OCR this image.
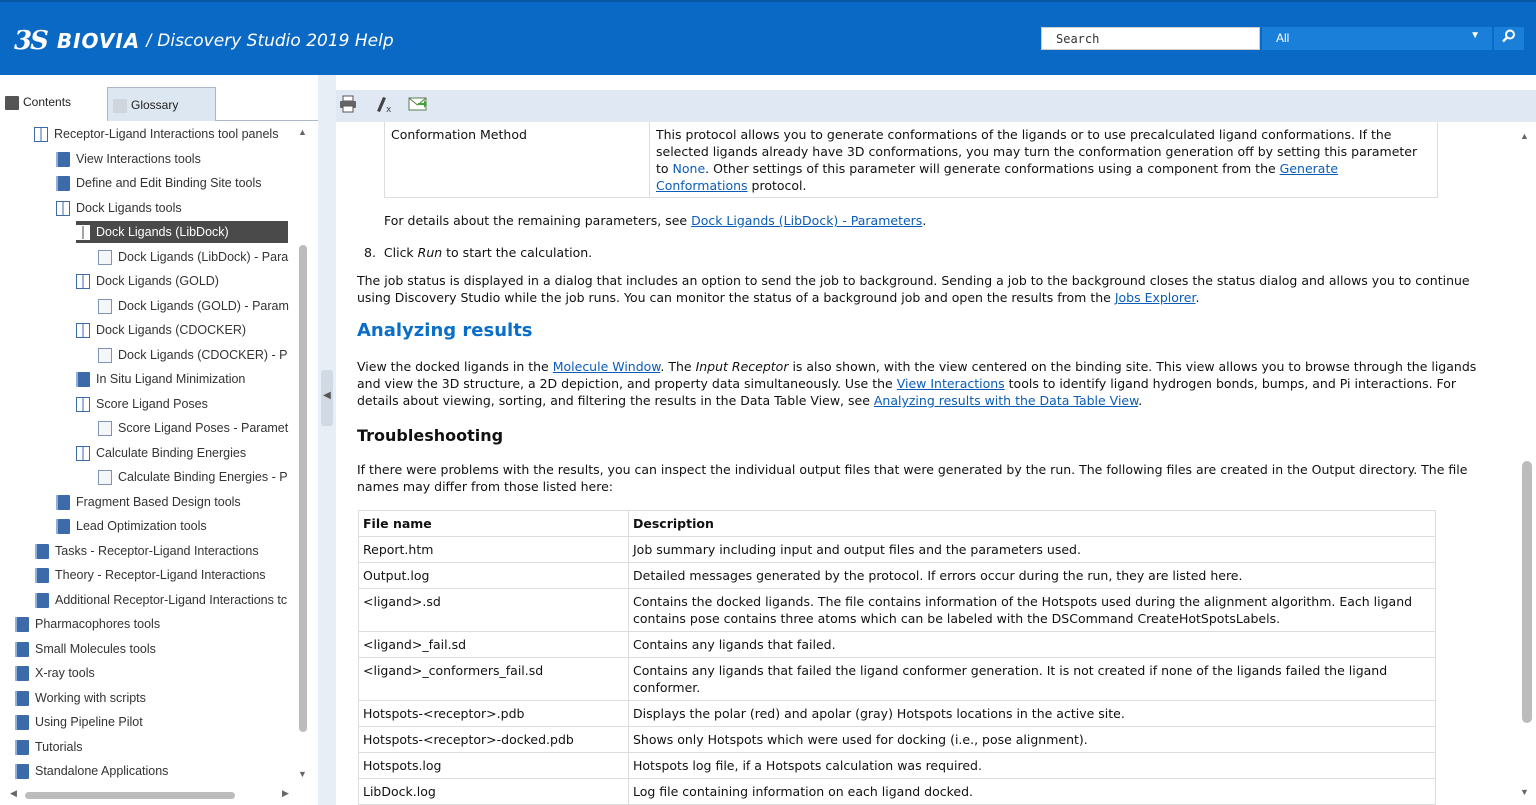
3S BIOVIA / Discovery Studio 2019 Help	Search	All	▼
Contents	Glossary
Receptor-Ligand Interactions tool panels
View Interactions tools
Define and Edit Binding Site tools
Dock Ligands tools
Dock Ligands (LibDock)
Dock Ligands (LibDock) - Para
Dock Ligands (GOLD)
Dock Ligands (GOLD) - Param
Dock Ligands (CDOCKER)
Dock Ligands (CDOCKER) - P
In Situ Ligand Minimization
Score Ligand Poses
Score Ligand Poses - Paramet
Calculate Binding Energies
Calculate Binding Energies - P
Fragment Based Design tools
Lead Optimization tools
Tasks - Receptor-Ligand Interactions
Theory - Receptor-Ligand Interactions
Additional Receptor-Ligand Interactions tc
Pharmacophores tools
Small Molecules tools
X-ray tools
Working with scripts
Using Pipeline Pilot
Tutorials
Standalone Applications
▲
▼
◀	▶
◀
x
Conformation Method	This protocol allows you to generate conformations of the ligands or to use precalculated ligand conformations. If the selected ligands already have 3D conformations, you may turn the conformation generation off by setting this parameter to None. Other settings of this parameter will generate conformations using a component from the Generate Conformations protocol.
For details about the remaining parameters, see Dock Ligands (LibDock) - Parameters.
8. Click Run to start the calculation.
The job status is displayed in a dialog that includes an option to send the job to background. Sending a job to the background closes the status dialog and allows you to continue using Discovery Studio while the job runs. You can monitor the status of a background job and open the results from the Jobs Explorer.
Analyzing results
View the docked ligands in the Molecule Window. The Input Receptor is also shown, with the view centered on the binding site. This view allows you to browse through the ligands and view the 3D structure, a 2D depiction, and property data simultaneously. Use the View Interactions tools to identify ligand hydrogen bonds, bumps, and Pi interactions. For details about viewing, sorting, and filtering the results in the Data Table View, see Analyzing results with the Data Table View.
Troubleshooting
If there were problems with the results, you can inspect the individual output files that were generated by the run. The following files are created in the Output directory. The file names may differ from those listed here:
File name	Description
Report.htm	Job summary including input and output files and the parameters used.
Output.log	Detailed messages generated by the protocol. If errors occur during the run, they are listed here.
<ligand>.sd	Contains the docked ligands. The file contains information of the Hotspots used during the alignment algorithm. Each ligand contains pose contains three atoms which can be labeled with the DSCommand CreateHotSpotsLabels.
<ligand>_fail.sd	Contains any ligands that failed.
<ligand>_conformers_fail.sd	Contains any ligands that failed the ligand conformer generation. It is not created if none of the ligands failed the ligand conformer.
Hotspots-<receptor>.pdb	Displays the polar (red) and apolar (gray) Hotspots locations in the active site.
Hotspots-<receptor>-docked.pdb	Shows only Hotspots which were used for docking (i.e., pose alignment).
Hotspots.log	Hotspots log file, if a Hotspots calculation was required.
LibDock.log	Log file containing information on each ligand docked.
▲
▼
